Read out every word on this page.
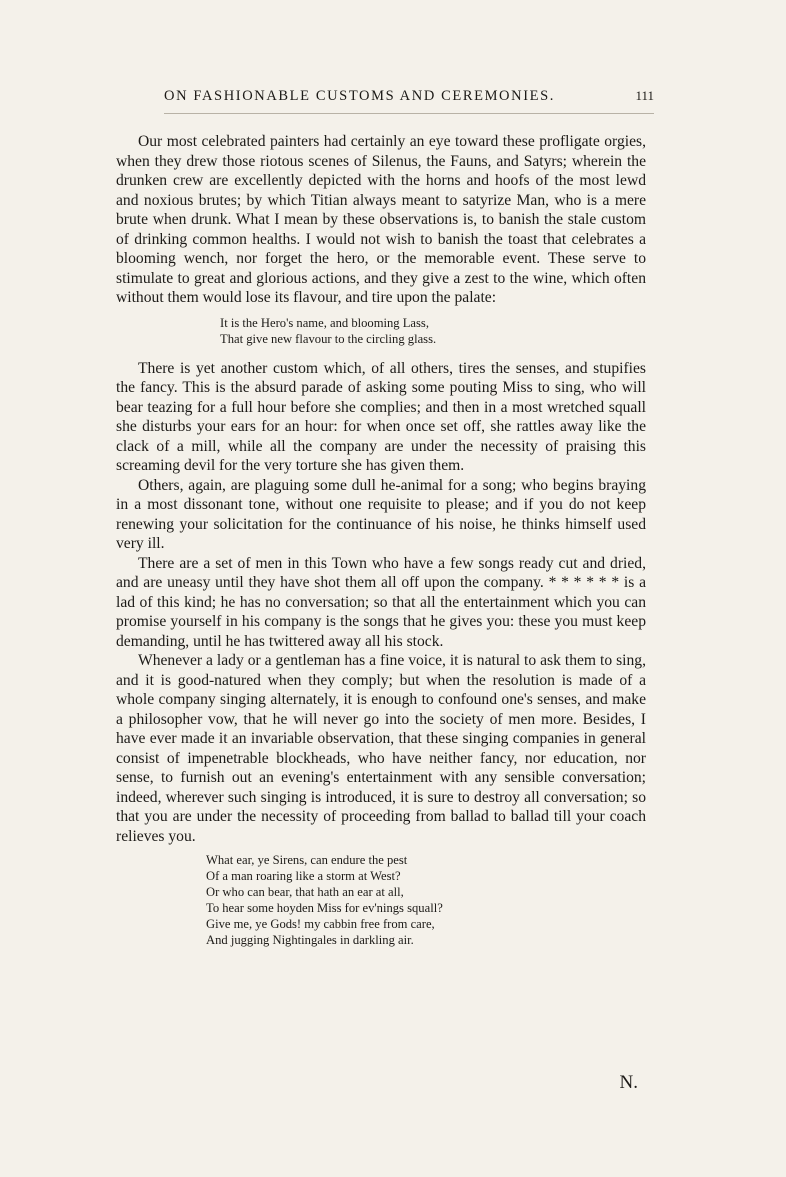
ON FASHIONABLE CUSTOMS AND CEREMONIES.	111

Our most celebrated painters had certainly an eye toward these profligate orgies, when they drew those riotous scenes of Silenus, the Fauns, and Satyrs; wherein the drunken crew are excellently depicted with the horns and hoofs of the most lewd and noxious brutes; by which Titian always meant to satyrize Man, who is a mere brute when drunk. What I mean by these observations is, to banish the stale custom of drinking common healths. I would not wish to banish the toast that celebrates a blooming wench, nor forget the hero, or the memorable event. These serve to stimulate to great and glorious actions, and they give a zest to the wine, which often without them would lose its flavour, and tire upon the palate:

It is the Hero's name, and blooming Lass,
That give new flavour to the circling glass.

There is yet another custom which, of all others, tires the senses, and stupifies the fancy. This is the absurd parade of asking some pouting Miss to sing, who will bear teazing for a full hour before she complies; and then in a most wretched squall she disturbs your ears for an hour: for when once set off, she rattles away like the clack of a mill, while all the company are under the necessity of praising this screaming devil for the very torture she has given them.

Others, again, are plaguing some dull he-animal for a song; who begins braying in a most dissonant tone, without one requisite to please; and if you do not keep renewing your solicitation for the continuance of his noise, he thinks himself used very ill.

There are a set of men in this Town who have a few songs ready cut and dried, and are uneasy until they have shot them all off upon the company. * * * * * * is a lad of this kind; he has no conversation; so that all the entertainment which you can promise yourself in his company is the songs that he gives you: these you must keep demanding, until he has twittered away all his stock.

Whenever a lady or a gentleman has a fine voice, it is natural to ask them to sing, and it is good-natured when they comply; but when the resolution is made of a whole company singing alternately, it is enough to confound one's senses, and make a philosopher vow, that he will never go into the society of men more. Besides, I have ever made it an invariable observation, that these singing companies in general consist of impenetrable blockheads, who have neither fancy, nor education, nor sense, to furnish out an evening's entertainment with any sensible conversation; indeed, wherever such singing is introduced, it is sure to destroy all conversation; so that you are under the necessity of proceeding from ballad to ballad till your coach relieves you.

What ear, ye Sirens, can endure the pest
Of a man roaring like a storm at West?
Or who can bear, that hath an ear at all,
To hear some hoyden Miss for ev'nings squall?
Give me, ye Gods! my cabbin free from care,
And jugging Nightingales in darkling air.
N.
